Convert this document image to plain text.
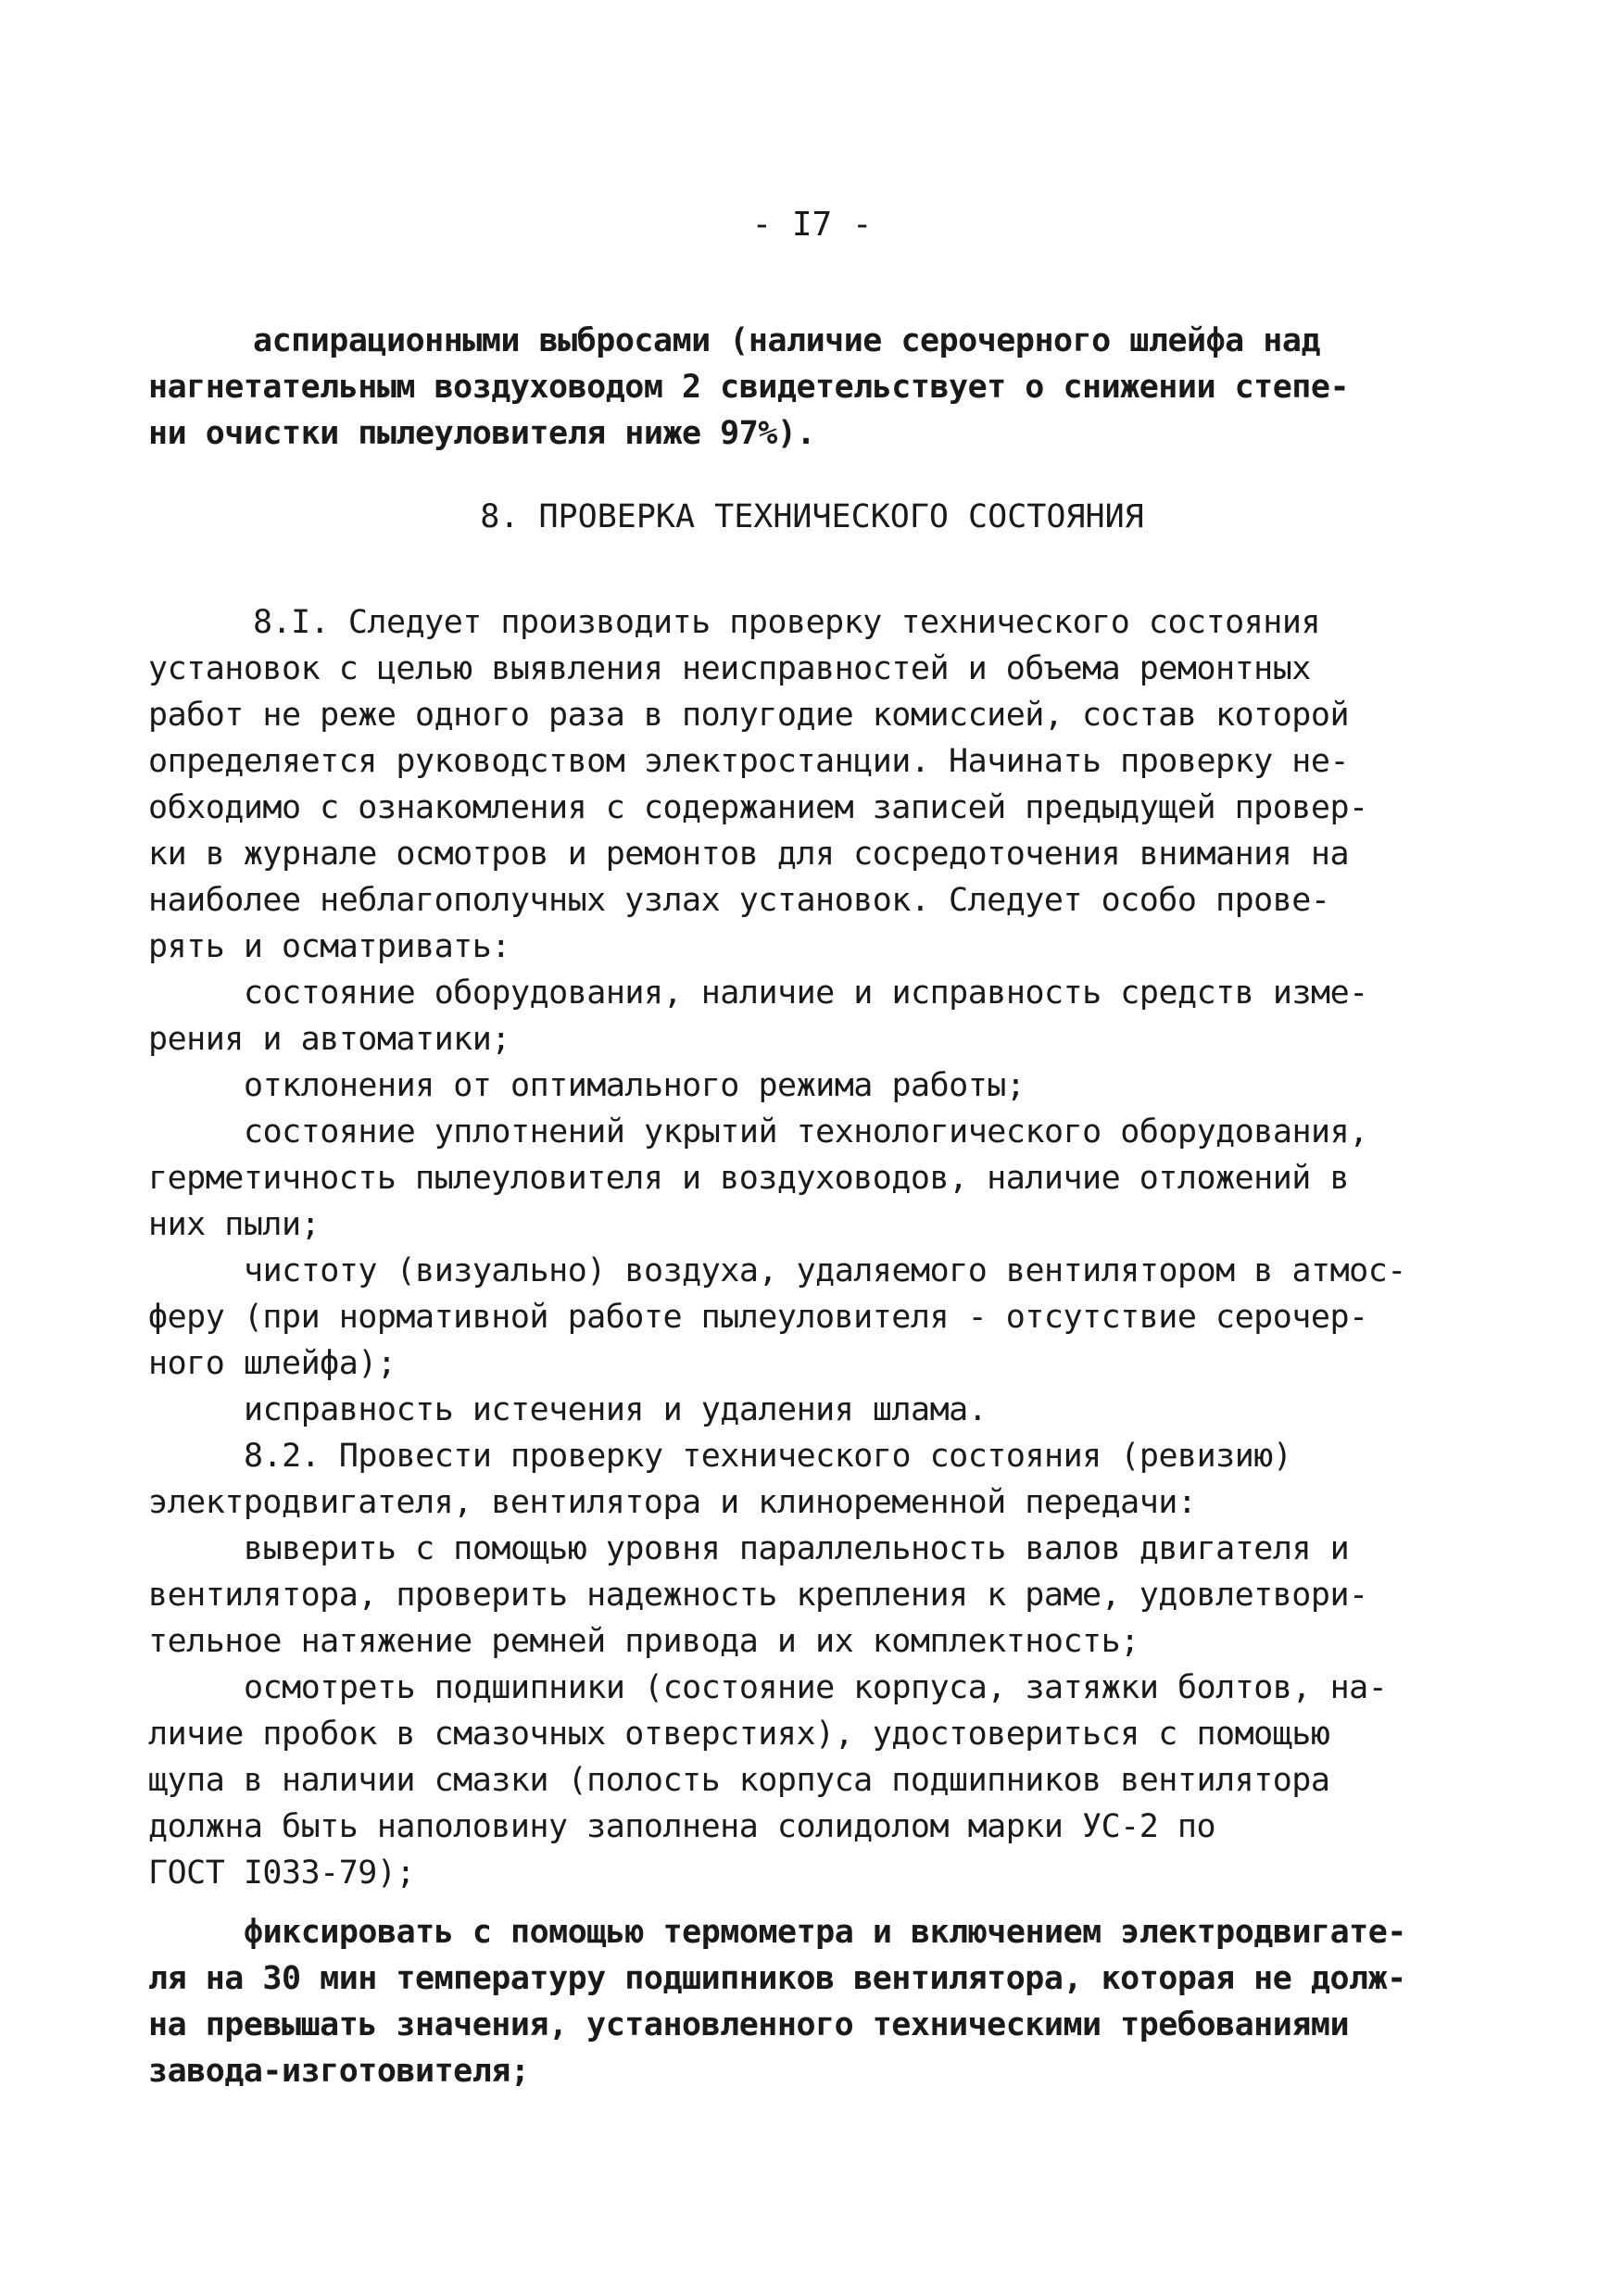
- I7 -
аспирационными выбросами (наличие серочерного шлейфа над
нагнетательным воздуховодом 2 свидетельствует о снижении степе-
ни очистки пылеуловителя ниже 97%).
8. ПРОВЕРКА ТЕХНИЧЕСКОГО СОСТОЯНИЯ
8.I. Следует производить проверку технического состояния
установок с целью выявления неисправностей и объема ремонтных
работ не реже одного раза в полугодие комиссией, состав которой
определяется руководством электростанции. Начинать проверку не-
обходимо с ознакомления с содержанием записей предыдущей провер-
ки в журнале осмотров и ремонтов для сосредоточения внимания на
наиболее неблагополучных узлах установок. Следует особо прове-
рять и осматривать:
состояние оборудования, наличие и исправность средств изме-
рения и автоматики;
отклонения от оптимального режима работы;
состояние уплотнений укрытий технологического оборудования,
герметичность пылеуловителя и воздуховодов, наличие отложений в
них пыли;
чистоту (визуально) воздуха, удаляемого вентилятором в атмос-
феру (при нормативной работе пылеуловителя - отсутствие серочер-
ного шлейфа);
исправность истечения и удаления шлама.
8.2. Провести проверку технического состояния (ревизию)
электродвигателя, вентилятора и клиноременной передачи:
выверить с помощью уровня параллельность валов двигателя и
вентилятора, проверить надежность крепления к раме, удовлетвори-
тельное натяжение ремней привода и их комплектность;
осмотреть подшипники (состояние корпуса, затяжки болтов, на-
личие пробок в смазочных отверстиях), удостовериться с помощью
щупа в наличии смазки (полость корпуса подшипников вентилятора
должна быть наполовину заполнена солидолом марки УС-2 по
ГОСТ I033-79);
фиксировать с помощью термометра и включением электродвигате-
ля на 30 мин температуру подшипников вентилятора, которая не долж-
на превышать значения, установленного техническими требованиями
завода-изготовителя;
